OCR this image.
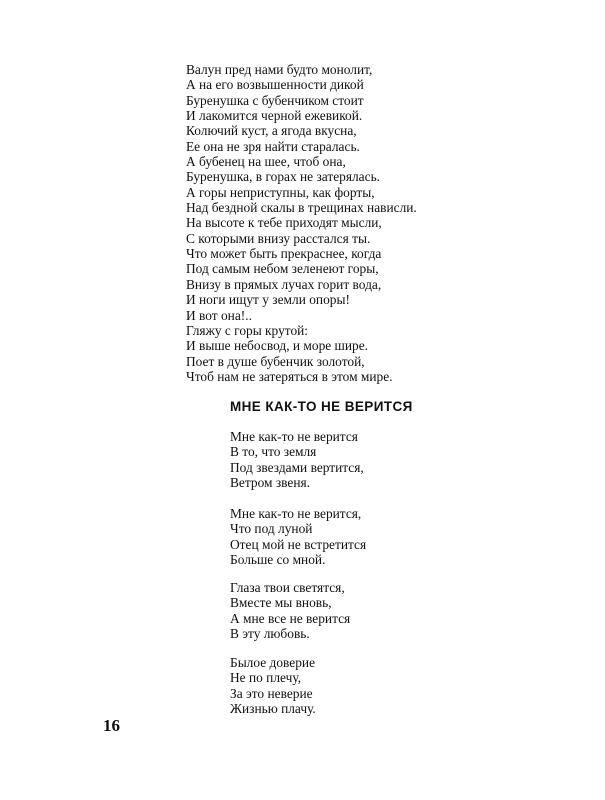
Валун пред нами будто монолит,
А на его возвышенности дикой
Буренушка с бубенчиком стоит
И лакомится черной ежевикой.
Колючий куст, а ягода вкусна,
Ее она не зря найти старалась.
А бубенец на шее, чтоб она,
Буренушка, в горах не затерялась.
А горы неприступны, как форты,
Над бездной скалы в трещинах нависли.
На высоте к тебе приходят мысли,
С которыми внизу расстался ты.
Что может быть прекраснее, когда
Под самым небом зеленеют горы,
Внизу в прямых лучах горит вода,
И ноги ищут у земли опоры!
И вот она!..
Гляжу с горы крутой:
И выше небосвод, и море шире.
Поет в душе бубенчик золотой,
Чтоб нам не затеряться в этом мире.
МНЕ КАК-ТО НЕ ВЕРИТСЯ
Мне как-то не верится
В то, что земля
Под звездами вертится,
Ветром звеня.
Мне как-то не верится,
Что под луной
Отец мой не встретится
Больше со мной.
Глаза твои светятся,
Вместе мы вновь,
А мне все не верится
В эту любовь.
Былое доверие
Не по плечу,
За это неверие
Жизнью плачу.
16
